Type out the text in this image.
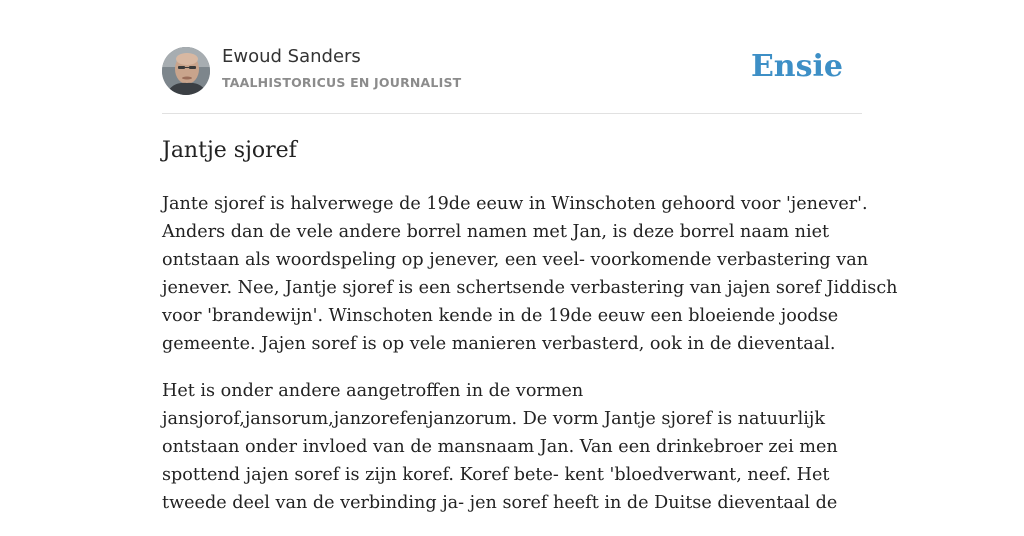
Ewoud Sanders
TAALHISTORICUS EN JOURNALIST	Ensie
Jantje sjoref

Jante sjoref is halverwege de 19de eeuw in Winschoten gehoord voor 'jenever'.
Anders dan de vele andere borrel namen met Jan, is deze borrel naam niet
ontstaan als woordspeling op jenever, een veel- voorkomende verbastering van
jenever. Nee, Jantje sjoref is een schertsende verbastering van jajen soref Jiddisch
voor 'brandewijn'. Winschoten kende in de 19de eeuw een bloeiende joodse
gemeente. Jajen soref is op vele manieren verbasterd, ook in de dieventaal.

Het is onder andere aangetroffen in de vormen
jansjorof,jansorum,janzorefenjanzorum. De vorm Jantje sjoref is natuurlijk
ontstaan onder invloed van de mansnaam Jan. Van een drinkebroer zei men
spottend jajen soref is zijn koref. Koref bete- kent 'bloedverwant, neef. Het
tweede deel van de verbinding ja- jen soref heeft in de Duitse dieventaal de
